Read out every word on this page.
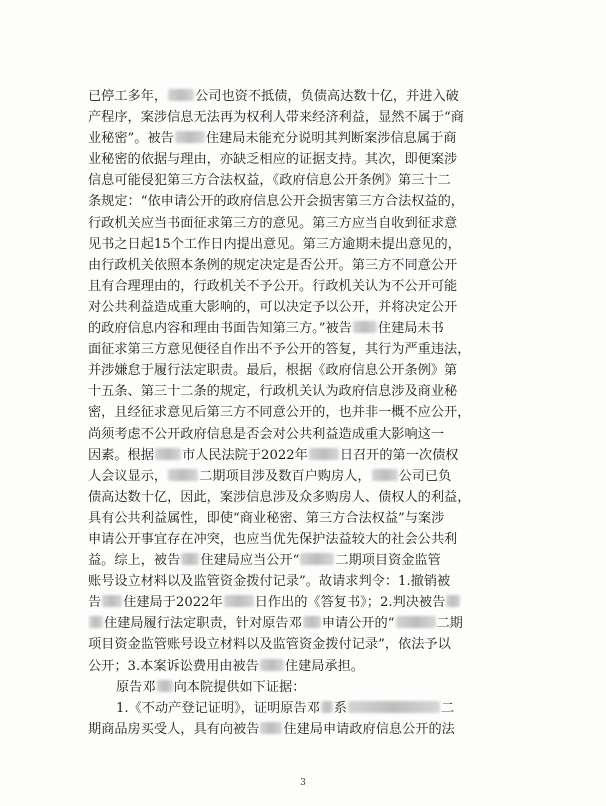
已停工多年， 公司也资不抵债，负债高达数十亿，并进入破
产程序，案涉信息无法再为权利人带来经济利益，显然不属于“商
业秘密”。被告 住建局未能充分说明其判断案涉信息属于商
业秘密的依据与理由，亦缺乏相应的证据支持。其次，即便案涉
信息可能侵犯第三方合法权益，《政府信息公开条例》第三十二
条规定：“依申请公开的政府信息公开会损害第三方合法权益的，
行政机关应当书面征求第三方的意见。第三方应当自收到征求意
见书之日起15个工作日内提出意见。第三方逾期未提出意见的，
由行政机关依照本条例的规定决定是否公开。第三方不同意公开
且有合理理由的，行政机关不予公开。行政机关认为不公开可能
对公共利益造成重大影响的，可以决定予以公开，并将决定公开
的政府信息内容和理由书面告知第三方。”被告 住建局未书
面征求第三方意见便径自作出不予公开的答复，其行为严重违法，
并涉嫌怠于履行法定职责。最后，根据《政府信息公开条例》第
十五条、第三十二条的规定，行政机关认为政府信息涉及商业秘
密，且经征求意见后第三方不同意公开的，也并非一概不应公开，
尚须考虑不公开政府信息是否会对公共利益造成重大影响这一
因素。根据 市人民法院于2022年 日召开的第一次债权
人会议显示， 二期项目涉及数百户购房人， 公司已负
债高达数十亿，因此，案涉信息涉及众多购房人、债权人的利益，
具有公共利益属性，即使“商业秘密、第三方合法权益”与案涉
申请公开事宜存在冲突，也应当优先保护法益较大的社会公共利
益。综上，被告 住建局应当公开“	二期项目资金监管
账号设立材料以及监管资金拨付记录”。故请求判令：1.撤销被
告 住建局于2022年 日作出的《答复书》；2.判决被告
住建局履行法定职责，针对原告邓 申请公开的“	二期
项目资金监管账号设立材料以及监管资金拨付记录”，依法予以
公开；3.本案诉讼费用由被告 住建局承担。
原告邓 向本院提供如下证据：
1.《不动产登记证明》，证明原告邓 系	二
期商品房买受人，具有向被告 住建局申请政府信息公开的法
3
